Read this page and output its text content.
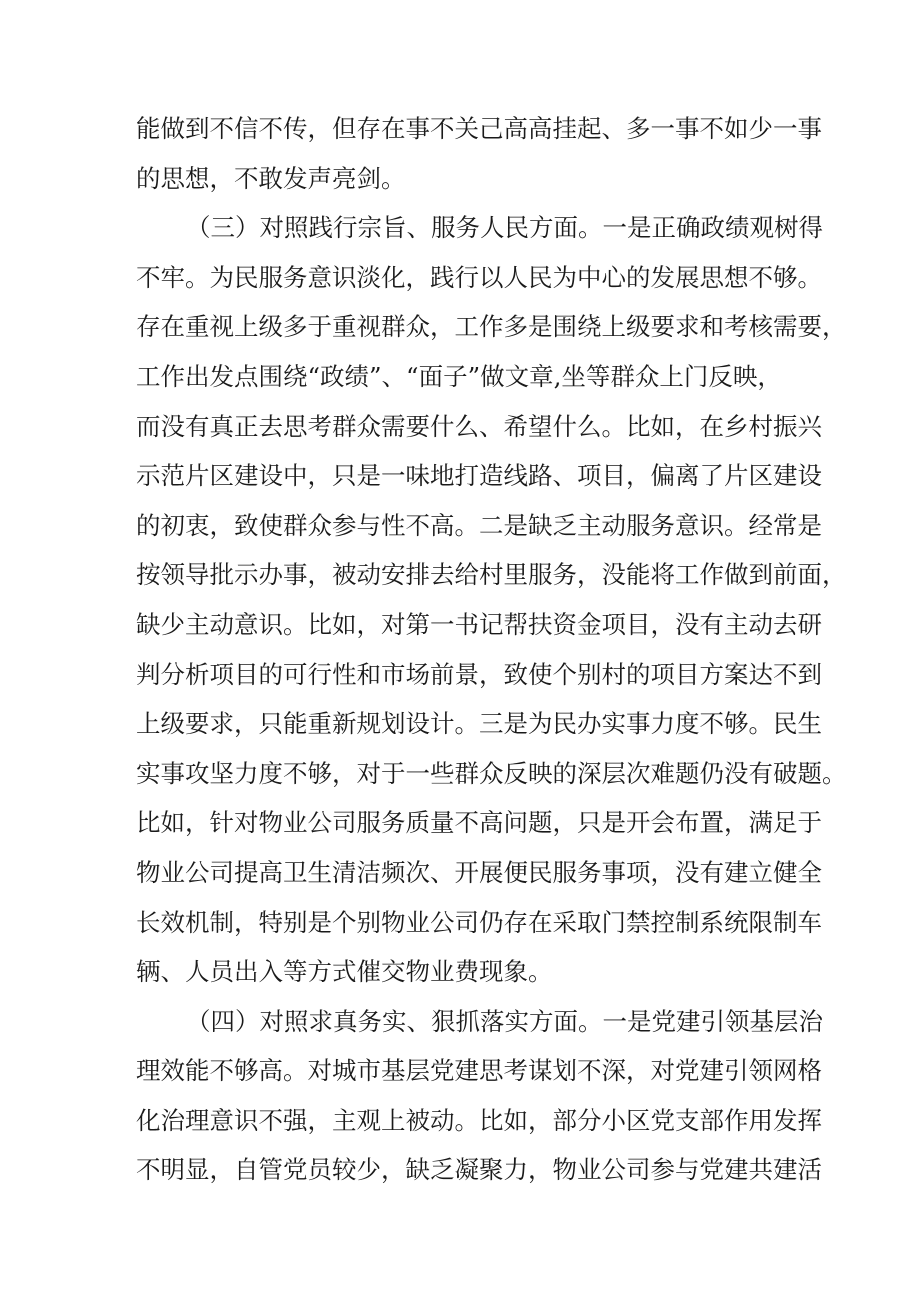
能做到不信不传，但存在事不关己高高挂起、多一事不如少一事
的思想，不敢发声亮剑。
（三）对照践行宗旨、服务人民方面。一是正确政绩观树得
不牢。为民服务意识淡化，践行以人民为中心的发展思想不够。
存在重视上级多于重视群众，工作多是围绕上级要求和考核需要，
工作出发点围绕“政绩”、“面子”做文章,坐等群众上门反映，
而没有真正去思考群众需要什么、希望什么。比如，在乡村振兴
示范片区建设中，只是一味地打造线路、项目，偏离了片区建设
的初衷，致使群众参与性不高。二是缺乏主动服务意识。经常是
按领导批示办事，被动安排去给村里服务，没能将工作做到前面，
缺少主动意识。比如，对第一书记帮扶资金项目，没有主动去研
判分析项目的可行性和市场前景，致使个别村的项目方案达不到
上级要求，只能重新规划设计。三是为民办实事力度不够。民生
实事攻坚力度不够，对于一些群众反映的深层次难题仍没有破题。
比如，针对物业公司服务质量不高问题，只是开会布置，满足于
物业公司提高卫生清洁频次、开展便民服务事项，没有建立健全
长效机制，特别是个别物业公司仍存在采取门禁控制系统限制车
辆、人员出入等方式催交物业费现象。
（四）对照求真务实、狠抓落实方面。一是党建引领基层治
理效能不够高。对城市基层党建思考谋划不深，对党建引领网格
化治理意识不强，主观上被动。比如，部分小区党支部作用发挥
不明显，自管党员较少，缺乏凝聚力，物业公司参与党建共建活
